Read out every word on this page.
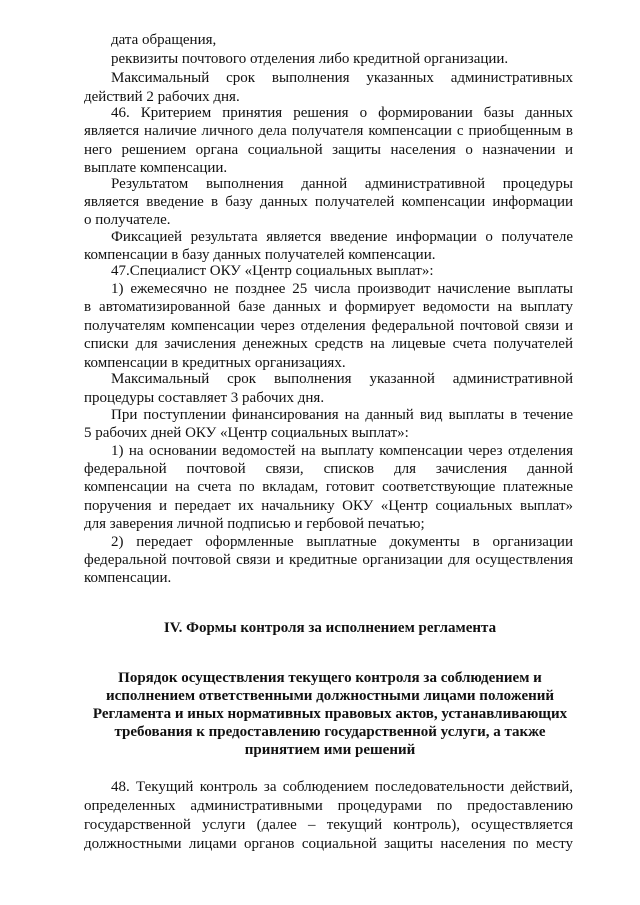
дата обращения,
реквизиты почтового отделения либо кредитной организации.
Максимальный срок выполнения указанных административных
действий 2 рабочих дня.
46. Критерием принятия решения о формировании базы данных
является наличие личного дела получателя компенсации с приобщенным в
него решением органа социальной защиты населения о назначении и
выплате компенсации.
Результатом выполнения данной административной процедуры
является введение в базу данных получателей компенсации информации
о получателе.
Фиксацией результата является введение информации о получателе
компенсации в базу данных получателей компенсации.
47.Специалист ОКУ «Центр социальных выплат»:
1) ежемесячно не позднее 25 числа производит начисление выплаты
в автоматизированной базе данных и формирует ведомости на выплату
получателям компенсации через отделения федеральной почтовой связи и
списки для зачисления денежных средств на лицевые счета получателей
компенсации в кредитных организациях.
Максимальный срок выполнения указанной административной
процедуры составляет 3 рабочих дня.
При поступлении финансирования на данный вид выплаты в течение
5 рабочих дней ОКУ «Центр социальных выплат»:
1) на основании ведомостей на выплату компенсации через отделения
федеральной почтовой связи, списков для зачисления данной
компенсации на счета по вкладам, готовит соответствующие платежные
поручения и передает их начальнику ОКУ «Центр социальных выплат»
для заверения личной подписью и гербовой печатью;
2) передает оформленные выплатные документы в организации
федеральной почтовой связи и кредитные организации для осуществления
компенсации.
IV. Формы контроля за исполнением регламента
Порядок осуществления текущего контроля за соблюдением и
исполнением ответственными должностными лицами положений
Регламента и иных нормативных правовых актов, устанавливающих
требования к предоставлению государственной услуги, а также
принятием ими решений
48. Текущий контроль за соблюдением последовательности действий,
определенных административными процедурами по предоставлению
государственной услуги (далее – текущий контроль), осуществляется
должностными лицами органов социальной защиты населения по месту
